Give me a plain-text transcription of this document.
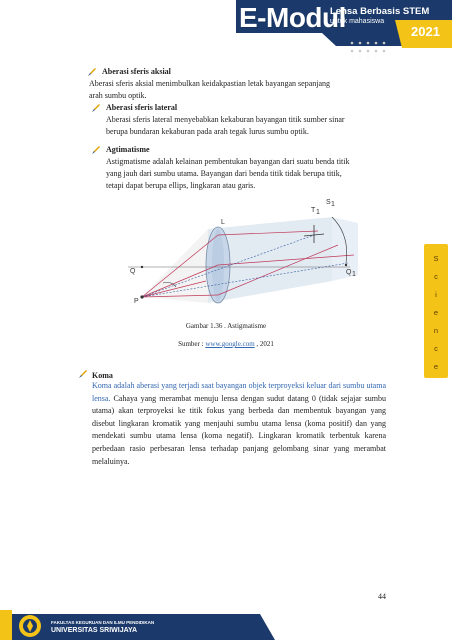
E-Modul
Lensa Berbasis STEM
untuk mahasiswa
2021
S
c
i
e
n
c
e
Aberasi sferis aksial

Aberasi sferis aksial menimbulkan keidakpastian letak bayangan sepanjang

arah sumbu optik.

Aberasi sferis lateral

Aberasi sferis lateral menyebabkan kekaburan bayangan titik sumber sinar

berupa bundaran kekaburan pada arah tegak lurus sumbu optik.

Agtimatisme

Astigmatisme adalah kelainan pembentukan bayangan dari suatu benda titik

yang jauh dari sumbu utama. Bayangan dari benda titik tidak berupa titik,

tetapi dapat berupa ellips, lingkaran atau garis.

L
T 1
S 1
Q	Q 1
P
Gambar 1.36 . Astigmatisme
Sumber : www.google.com , 2021
Koma
Koma adalah aberasi yang terjadi saat bayangan objek terproyeksi keluar dari sumbu utama lensa. Cahaya yang merambat menuju lensa dengan sudut datang 0 (tidak sejajar sumbu utama) akan terproyeksi ke titik fokus yang berbeda dan membentuk bayangan yang disebut lingkaran kromatik yang menjauhi sumbu utama lensa (koma positif) dan yang mendekati sumbu utama lensa (koma negatif). Lingkaran kromatik terbentuk karena perbedaan rasio perbesaran lensa terhadap panjang gelombang sinar yang merambat melaluinya.
44
FAKULTAS KEGURUAN DAN ILMU PENDIDIKAN
UNIVERSITAS SRIWIJAYA
